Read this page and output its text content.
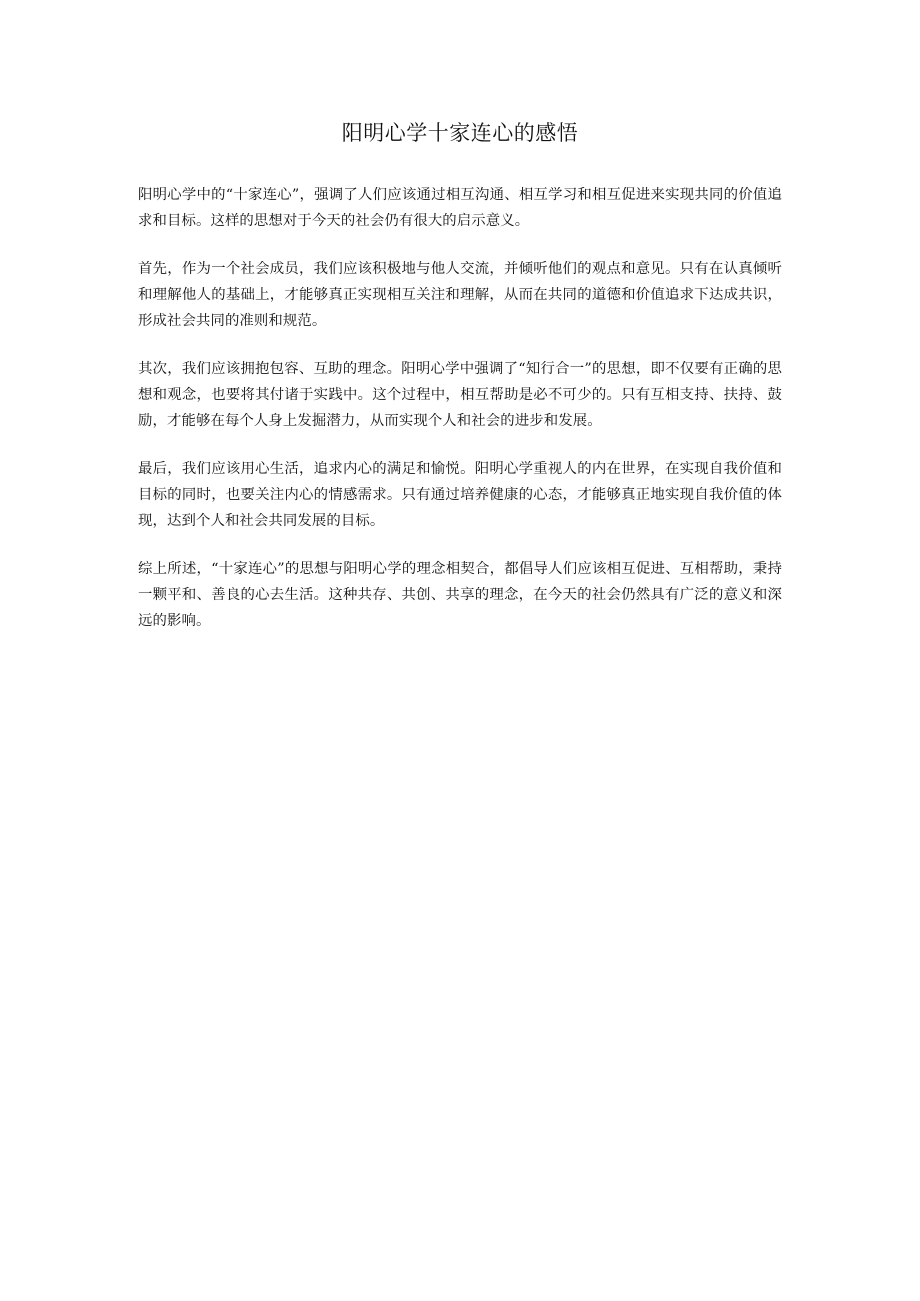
阳明心学十家连心的感悟

阳明心学中的“十家连心”，强调了人们应该通过相互沟通、相互学习和相互促进来实现共同的价值追求和目标。这样的思想对于今天的社会仍有很大的启示意义。

首先，作为一个社会成员，我们应该积极地与他人交流，并倾听他们的观点和意见。只有在认真倾听和理解他人的基础上，才能够真正实现相互关注和理解，从而在共同的道德和价值追求下达成共识，形成社会共同的准则和规范。

其次，我们应该拥抱包容、互助的理念。阳明心学中强调了“知行合一”的思想，即不仅要有正确的思想和观念，也要将其付诸于实践中。这个过程中，相互帮助是必不可少的。只有互相支持、扶持、鼓励，才能够在每个人身上发掘潜力，从而实现个人和社会的进步和发展。

最后，我们应该用心生活，追求内心的满足和愉悦。阳明心学重视人的内在世界，在实现自我价值和目标的同时，也要关注内心的情感需求。只有通过培养健康的心态，才能够真正地实现自我价值的体现，达到个人和社会共同发展的目标。

综上所述，“十家连心”的思想与阳明心学的理念相契合，都倡导人们应该相互促进、互相帮助，秉持一颗平和、善良的心去生活。这种共存、共创、共享的理念，在今天的社会仍然具有广泛的意义和深远的影响。
